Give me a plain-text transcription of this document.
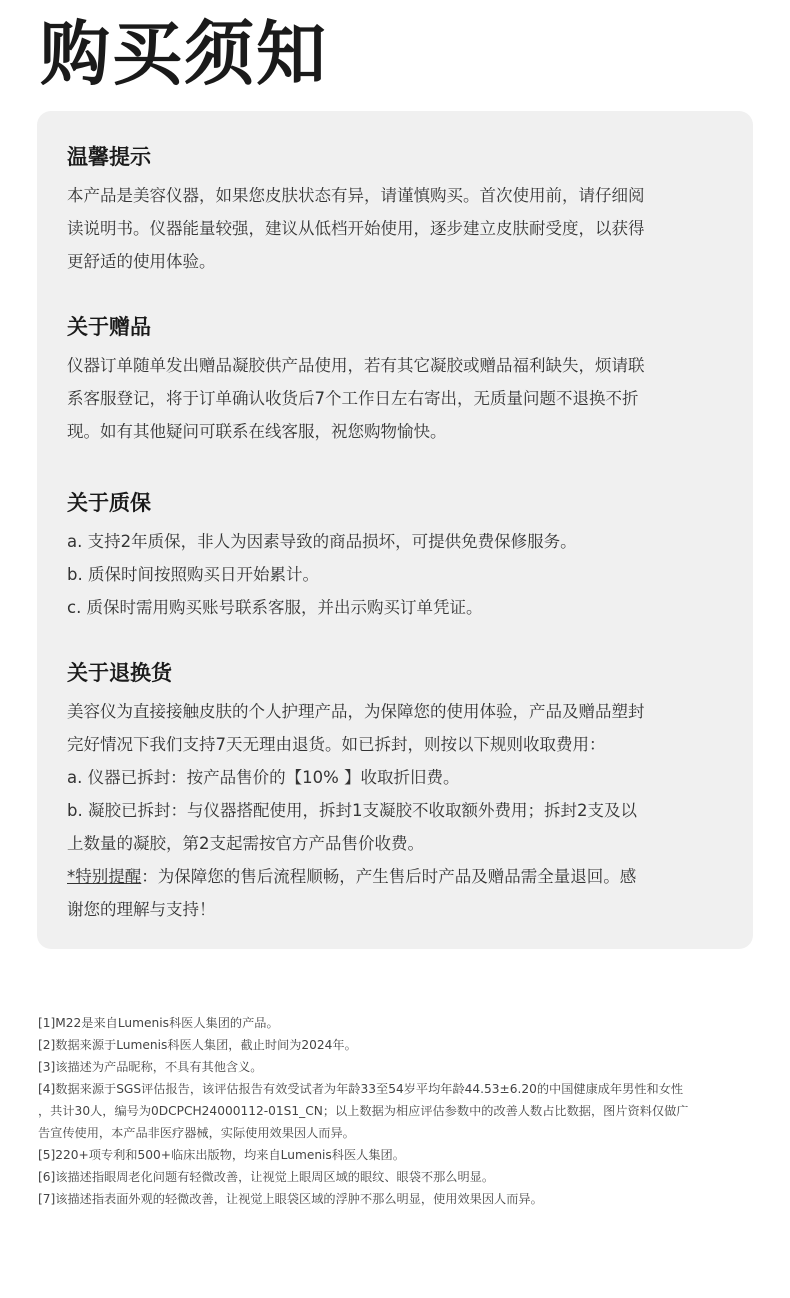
购买须知
温馨提示
本产品是美容仪器，如果您皮肤状态有异，请谨慎购买。首次使用前，请仔细阅
读说明书。仪器能量较强，建议从低档开始使用，逐步建立皮肤耐受度，以获得
更舒适的使用体验。
关于赠品
仪器订单随单发出赠品凝胶供产品使用，若有其它凝胶或赠品福利缺失，烦请联
系客服登记，将于订单确认收货后7个工作日左右寄出，无质量问题不退换不折
现。如有其他疑问可联系在线客服，祝您购物愉快。
关于质保
a. 支持2年质保，非人为因素导致的商品损坏，可提供免费保修服务。
b. 质保时间按照购买日开始累计。
c. 质保时需用购买账号联系客服，并出示购买订单凭证。
关于退换货
美容仪为直接接触皮肤的个人护理产品，为保障您的使用体验，产品及赠品塑封
完好情况下我们支持7天无理由退货。如已拆封，则按以下规则收取费用：
a. 仪器已拆封：按产品售价的【10% 】收取折旧费。
b. 凝胶已拆封：与仪器搭配使用，拆封1支凝胶不收取额外费用；拆封2支及以
上数量的凝胶，第2支起需按官方产品售价收费。
*特别提醒：为保障您的售后流程顺畅，产生售后时产品及赠品需全量退回。感
谢您的理解与支持！
[1]M22是来自Lumenis科医人集团的产品。
[2]数据来源于Lumenis科医人集团，截止时间为2024年。
[3]该描述为产品昵称，不具有其他含义。
[4]数据来源于SGS评估报告，该评估报告有效受试者为年龄33至54岁平均年龄44.53±6.20的中国健康成年男性和女性
，共计30人，编号为0DCPCH24000112-01S1_CN；以上数据为相应评估参数中的改善人数占比数据，图片资料仅做广
告宣传使用，本产品非医疗器械，实际使用效果因人而异。
[5]220+项专利和500+临床出版物，均来自Lumenis科医人集团。
[6]该描述指眼周老化问题有轻微改善，让视觉上眼周区域的眼纹、眼袋不那么明显。
[7]该描述指表面外观的轻微改善，让视觉上眼袋区域的浮肿不那么明显，使用效果因人而异。
